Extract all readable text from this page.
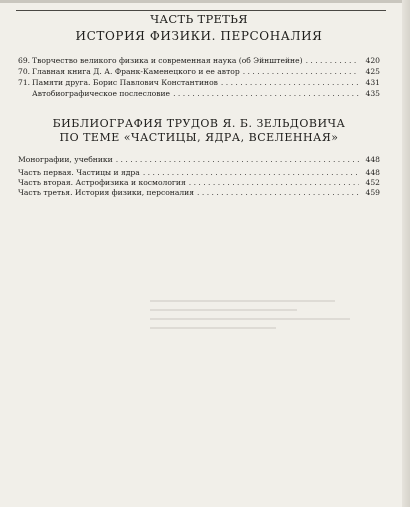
ЧАСТЬ ТРЕТЬЯ

ИСТОРИЯ ФИЗИКИ. ПЕРСОНАЛИЯ

69. Творчество великого физика и современная наука (об Эйнштейне) . . .	420
70. Главная книга Д. А. Франк-Каменецкого и ее автор . . .	425
71. Памяти друга. Борис Павлович Константинов . . .	431
Автобиографическое послесловие . . .	435

БИБЛИОГРАФИЯ ТРУДОВ Я. Б. ЗЕЛЬДОВИЧА

ПО ТЕМЕ «ЧАСТИЦЫ, ЯДРА, ВСЕЛЕННАЯ»

Монографии, учебники . . .	448
Часть первая. Частицы и ядра . . .	448
Часть вторая. Астрофизика и космология . . .	452
Часть третья. История физики, персоналия . . .	459
